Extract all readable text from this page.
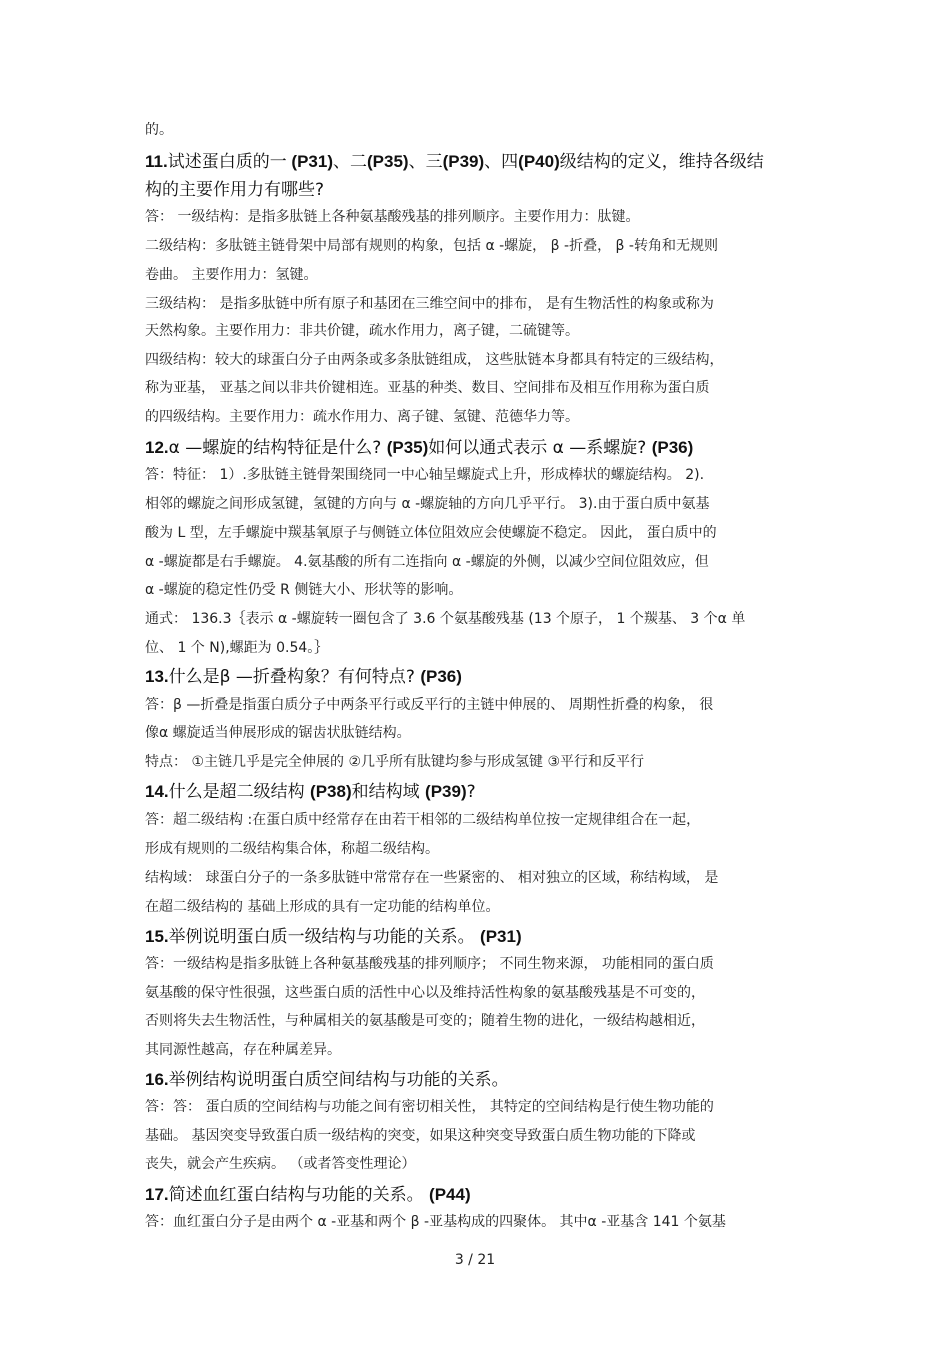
的。
11.试述蛋白质的一 (P31)、二(P35)、三(P39)、四(P40)级结构的定义，维持各级结
构的主要作用力有哪些?
答： 一级结构：是指多肽链上各种氨基酸残基的排列顺序。主要作用力：肽键。
二级结构：多肽链主链骨架中局部有规则的构象，包括 α -螺旋， β -折叠， β -转角和无规则
卷曲。 主要作用力：氢键。
三级结构： 是指多肽链中所有原子和基团在三维空间中的排布， 是有生物活性的构象或称为
天然构象。主要作用力：非共价键，疏水作用力，离子键，二硫键等。
四级结构：较大的球蛋白分子由两条或多条肽链组成， 这些肽链本身都具有特定的三级结构，
称为亚基， 亚基之间以非共价键相连。亚基的种类、数目、空间排布及相互作用称为蛋白质
的四级结构。主要作用力：疏水作用力、离子键、氢键、范德华力等。
12.α —螺旋的结构特征是什么? (P35)如何以通式表示 α —系螺旋? (P36)
答：特征： 1）.多肽链主链骨架围绕同一中心轴呈螺旋式上升，形成棒状的螺旋结构。 2).
相邻的螺旋之间形成氢键，氢键的方向与 α -螺旋轴的方向几乎平行。 3).由于蛋白质中氨基
酸为 L 型，左手螺旋中羰基氧原子与侧链立体位阻效应会使螺旋不稳定。 因此， 蛋白质中的
α -螺旋都是右手螺旋。 4.氨基酸的所有二连指向 α -螺旋的外侧，以减少空间位阻效应，但
α -螺旋的稳定性仍受 R 侧链大小、形状等的影响。
通式： 136.3｛表示 α -螺旋转一圈包含了 3.6 个氨基酸残基 (13 个原子， 1 个羰基、 3 个α 单
位、 1 个 N),螺距为 0.54。｝
13.什么是β —折叠构象？有何特点? (P36)
答：β —折叠是指蛋白质分子中两条平行或反平行的主链中伸展的、 周期性折叠的构象， 很
像α 螺旋适当伸展形成的锯齿状肽链结构。
特点： ①主链几乎是完全伸展的 ②几乎所有肽键均参与形成氢键 ③平行和反平行
14.什么是超二级结构 (P38)和结构域 (P39)?
答：超二级结构 :在蛋白质中经常存在由若干相邻的二级结构单位按一定规律组合在一起，
形成有规则的二级结构集合体，称超二级结构。
结构域： 球蛋白分子的一条多肽链中常常存在一些紧密的、 相对独立的区域，称结构域， 是
在超二级结构的 基础上形成的具有一定功能的结构单位。
15.举例说明蛋白质一级结构与功能的关系。 (P31)
答：一级结构是指多肽链上各种氨基酸残基的排列顺序； 不同生物来源， 功能相同的蛋白质
氨基酸的保守性很强，这些蛋白质的活性中心以及维持活性构象的氨基酸残基是不可变的，
否则将失去生物活性，与种属相关的氨基酸是可变的；随着生物的进化，一级结构越相近，
其同源性越高，存在种属差异。
16.举例结构说明蛋白质空间结构与功能的关系。
答：答： 蛋白质的空间结构与功能之间有密切相关性， 其特定的空间结构是行使生物功能的
基础。 基因突变导致蛋白质一级结构的突变，如果这种突变导致蛋白质生物功能的下降或
丧失，就会产生疾病。 （或者答变性理论）
17.简述血红蛋白结构与功能的关系。 (P44)
答：血红蛋白分子是由两个 α -亚基和两个 β -亚基构成的四聚体。 其中α -亚基含 141 个氨基
3 / 21
